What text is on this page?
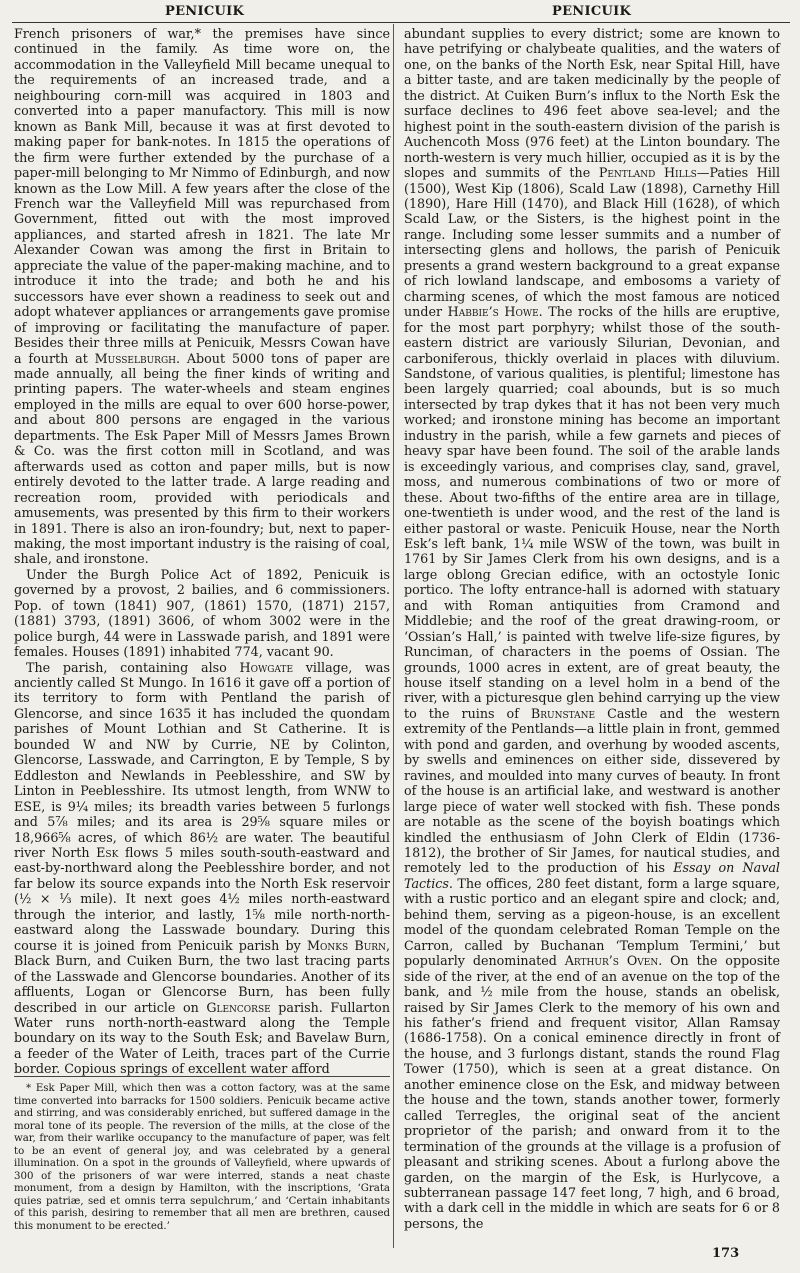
PENICUIK	PENICUIK

French prisoners of war,* the premises have since continued in the family. As time wore on, the accommodation in the Valleyfield Mill became unequal to the requirements of an increased trade, and a neighbouring corn-mill was acquired in 1803 and converted into a paper manufactory. This mill is now known as Bank Mill, because it was at first devoted to making paper for bank-notes. In 1815 the operations of the firm were further extended by the purchase of a paper-mill belonging to Mr Nimmo of Edinburgh, and now known as the Low Mill. A few years after the close of the French war the Valleyfield Mill was repurchased from Government, fitted out with the most improved appliances, and started afresh in 1821. The late Mr Alexander Cowan was among the first in Britain to appreciate the value of the paper-making machine, and to introduce it into the trade; and both he and his successors have ever shown a readiness to seek out and adopt whatever appliances or arrangements gave promise of improving or facilitating the manufacture of paper. Besides their three mills at Penicuik, Messrs Cowan have a fourth at Musselburgh. About 5000 tons of paper are made annually, all being the finer kinds of writing and printing papers. The water-wheels and steam engines employed in the mills are equal to over 600 horse-power, and about 800 persons are engaged in the various departments. The Esk Paper Mill of Messrs James Brown & Co. was the first cotton mill in Scotland, and was afterwards used as cotton and paper mills, but is now entirely devoted to the latter trade. A large reading and recreation room, provided with periodicals and amusements, was presented by this firm to their workers in 1891. There is also an iron-foundry; but, next to paper-making, the most important industry is the raising of coal, shale, and ironstone.

Under the Burgh Police Act of 1892, Penicuik is governed by a provost, 2 bailies, and 6 commissioners. Pop. of town (1841) 907, (1861) 1570, (1871) 2157, (1881) 3793, (1891) 3606, of whom 3002 were in the police burgh, 44 were in Lasswade parish, and 1891 were females. Houses (1891) inhabited 774, vacant 90.

The parish, containing also Howgate village, was anciently called St Mungo. In 1616 it gave off a portion of its territory to form with Pentland the parish of Glencorse, and since 1635 it has included the quondam parishes of Mount Lothian and St Catherine. It is bounded W and NW by Currie, NE by Colinton, Glencorse, Lasswade, and Carrington, E by Temple, S by Eddleston and Newlands in Peeblesshire, and SW by Linton in Peeblesshire. Its utmost length, from WNW to ESE, is 9¼ miles; its breadth varies between 5 furlongs and 5⅞ miles; and its area is 29⅝ square miles or 18,966⅝ acres, of which 86½ are water. The beautiful river North Esk flows 5 miles south-south-eastward and east-by-northward along the Peeblesshire border, and not far below its source expands into the North Esk reservoir (½ × ⅓ mile). It next goes 4½ miles north-eastward through the interior, and lastly, 1⅝ mile north-north-eastward along the Lasswade boundary. During this course it is joined from Penicuik parish by Monks Burn, Black Burn, and Cuiken Burn, the two last tracing parts of the Lasswade and Glencorse boundaries. Another of its affluents, Logan or Glencorse Burn, has been fully described in our article on Glencorse parish. Fullarton Water runs north-north-eastward along the Temple boundary on its way to the South Esk; and Bavelaw Burn, a feeder of the Water of Leith, traces part of the Currie border. Copious springs of excellent water afford

* Esk Paper Mill, which then was a cotton factory, was at the same time converted into barracks for 1500 soldiers. Penicuik became active and stirring, and was considerably enriched, but suffered damage in the moral tone of its people. The reversion of the mills, at the close of the war, from their warlike occupancy to the manufacture of paper, was felt to be an event of general joy, and was celebrated by a general illumination. On a spot in the grounds of Valleyfield, where upwards of 300 of the prisoners of war were interred, stands a neat chaste monument, from a design by Hamilton, with the inscriptions, ‘Grata quies patriæ, sed et omnis terra sepulchrum,’ and ‘Certain inhabitants of this parish, desiring to remember that all men are brethren, caused this monument to be erected.’

abundant supplies to every district; some are known to have petrifying or chalybeate qualities, and the waters of one, on the banks of the North Esk, near Spital Hill, have a bitter taste, and are taken medicinally by the people of the district. At Cuiken Burn’s influx to the North Esk the surface declines to 496 feet above sea-level; and the highest point in the south-eastern division of the parish is Auchencoth Moss (976 feet) at the Linton boundary. The north-western is very much hillier, occupied as it is by the slopes and summits of the Pentland Hills—Paties Hill (1500), West Kip (1806), Scald Law (1898), Carnethy Hill (1890), Hare Hill (1470), and Black Hill (1628), of which Scald Law, or the Sisters, is the highest point in the range. Including some lesser summits and a number of intersecting glens and hollows, the parish of Penicuik presents a grand western background to a great expanse of rich lowland landscape, and embosoms a variety of charming scenes, of which the most famous are noticed under Habbie’s Howe. The rocks of the hills are eruptive, for the most part porphyry; whilst those of the south-eastern district are variously Silurian, Devonian, and carboniferous, thickly overlaid in places with diluvium. Sandstone, of various qualities, is plentiful; limestone has been largely quarried; coal abounds, but is so much intersected by trap dykes that it has not been very much worked; and ironstone mining has become an important industry in the parish, while a few garnets and pieces of heavy spar have been found. The soil of the arable lands is exceedingly various, and comprises clay, sand, gravel, moss, and numerous combinations of two or more of these. About two-fifths of the entire area are in tillage, one-twentieth is under wood, and the rest of the land is either pastoral or waste. Penicuik House, near the North Esk’s left bank, 1¼ mile WSW of the town, was built in 1761 by Sir James Clerk from his own designs, and is a large oblong Grecian edifice, with an octostyle Ionic portico. The lofty entrance-hall is adorned with statuary and with Roman antiquities from Cramond and Middlebie; and the roof of the great drawing-room, or ‘Ossian’s Hall,’ is painted with twelve life-size figures, by Runciman, of characters in the poems of Ossian. The grounds, 1000 acres in extent, are of great beauty, the house itself standing on a level holm in a bend of the river, with a picturesque glen behind carrying up the view to the ruins of Brunstane Castle and the western extremity of the Pentlands—a little plain in front, gemmed with pond and garden, and overhung by wooded ascents, by swells and eminences on either side, dissevered by ravines, and moulded into many curves of beauty. In front of the house is an artificial lake, and westward is another large piece of water well stocked with fish. These ponds are notable as the scene of the boyish boatings which kindled the enthusiasm of John Clerk of Eldin (1736-1812), the brother of Sir James, for nautical studies, and remotely led to the production of his Essay on Naval Tactics. The offices, 280 feet distant, form a large square, with a rustic portico and an elegant spire and clock; and, behind them, serving as a pigeon-house, is an excellent model of the quondam celebrated Roman Temple on the Carron, called by Buchanan ‘Templum Termini,’ but popularly denominated Arthur’s Oven. On the opposite side of the river, at the end of an avenue on the top of the bank, and ½ mile from the house, stands an obelisk, raised by Sir James Clerk to the memory of his own and his father’s friend and frequent visitor, Allan Ramsay (1686-1758). On a conical eminence directly in front of the house, and 3 furlongs distant, stands the round Flag Tower (1750), which is seen at a great distance. On another eminence close on the Esk, and midway between the house and the town, stands another tower, formerly called Terregles, the original seat of the ancient proprietor of the parish; and onward from it to the termination of the grounds at the village is a profusion of pleasant and striking scenes. About a furlong above the garden, on the margin of the Esk, is Hurlycove, a subterranean passage 147 feet long, 7 high, and 6 broad, with a dark cell in the middle in which are seats for 6 or 8 persons, the

173
